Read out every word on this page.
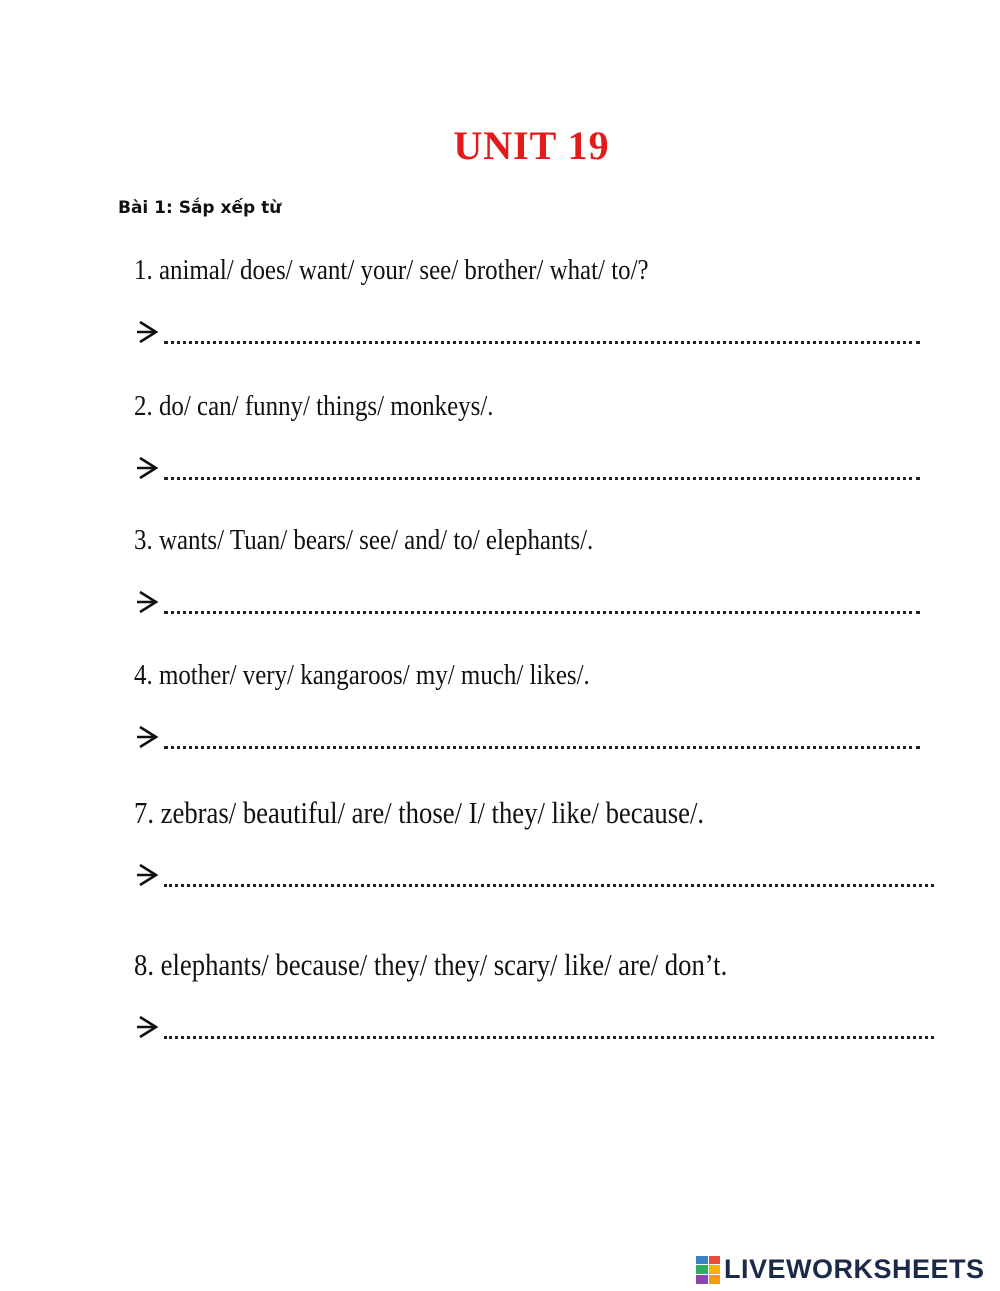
UNIT 19
Bài 1: Sắp xếp từ
1. animal/ does/ want/ your/ see/ brother/ what/ to/?
2. do/ can/ funny/ things/ monkeys/.
3. wants/ Tuan/ bears/ see/ and/ to/ elephants/.
4. mother/ very/ kangaroos/ my/ much/ likes/.
7. zebras/ beautiful/ are/ those/ I/ they/ like/ because/.
8. elephants/ because/ they/ they/ scary/ like/ are/ don’t.
LIVEWORKSHEETS
